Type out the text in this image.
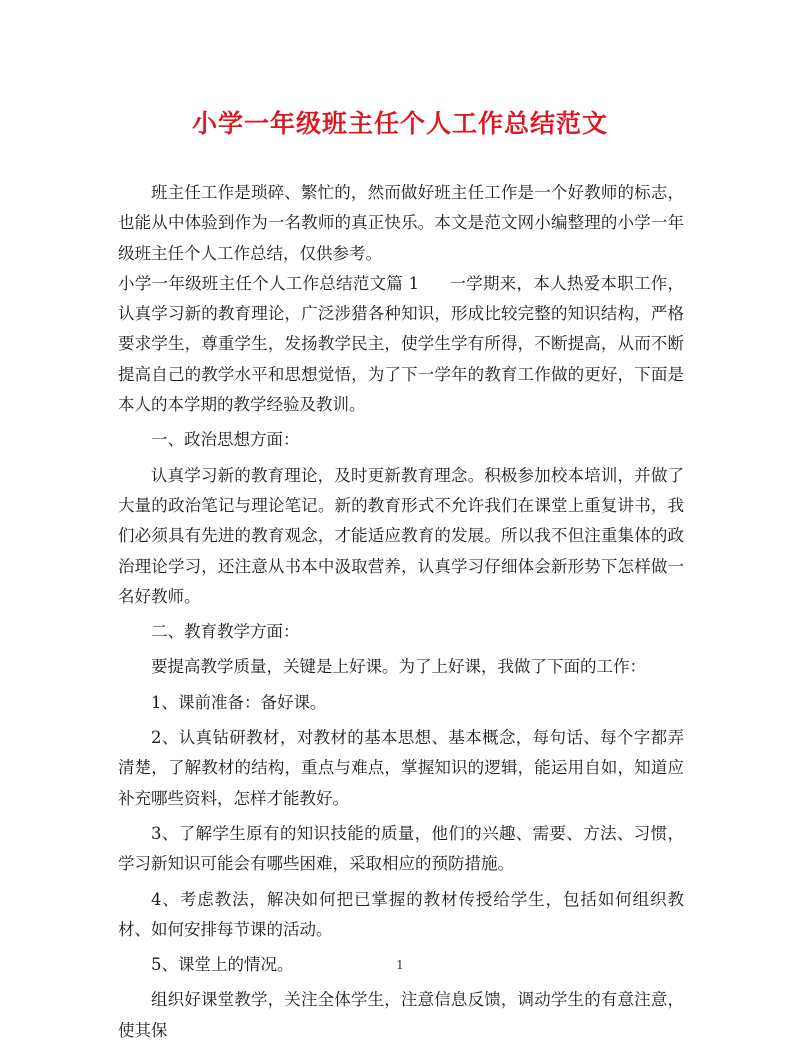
小学一年级班主任个人工作总结范文

班主任工作是琐碎、繁忙的，然而做好班主任工作是一个好教师的标志，也能从中体验到作为一名教师的真正快乐。本文是范文网小编整理的小学一年级班主任个人工作总结，仅供参考。

小学一年级班主任个人工作总结范文篇 1 一学期来，本人热爱本职工作，认真学习新的教育理论，广泛涉猎各种知识，形成比较完整的知识结构，严格要求学生，尊重学生，发扬教学民主，使学生学有所得，不断提高，从而不断提高自己的教学水平和思想觉悟，为了下一学年的教育工作做的更好，下面是本人的本学期的教学经验及教训。

一、政治思想方面：

认真学习新的教育理论，及时更新教育理念。积极参加校本培训，并做了大量的政治笔记与理论笔记。新的教育形式不允许我们在课堂上重复讲书，我们必须具有先进的教育观念，才能适应教育的发展。所以我不但注重集体的政治理论学习，还注意从书本中汲取营养，认真学习仔细体会新形势下怎样做一名好教师。

二、教育教学方面：

要提高教学质量，关键是上好课。为了上好课，我做了下面的工作：

1、课前准备：备好课。

2、认真钻研教材，对教材的基本思想、基本概念，每句话、每个字都弄清楚，了解教材的结构，重点与难点，掌握知识的逻辑，能运用自如，知道应补充哪些资料，怎样才能教好。

3、了解学生原有的知识技能的质量，他们的兴趣、需要、方法、习惯，学习新知识可能会有哪些困难，采取相应的预防措施。

4、考虑教法，解决如何把已掌握的教材传授给学生，包括如何组织教材、如何安排每节课的活动。

5、课堂上的情况。

组织好课堂教学，关注全体学生，注意信息反馈，调动学生的有意注意，使其保

1
